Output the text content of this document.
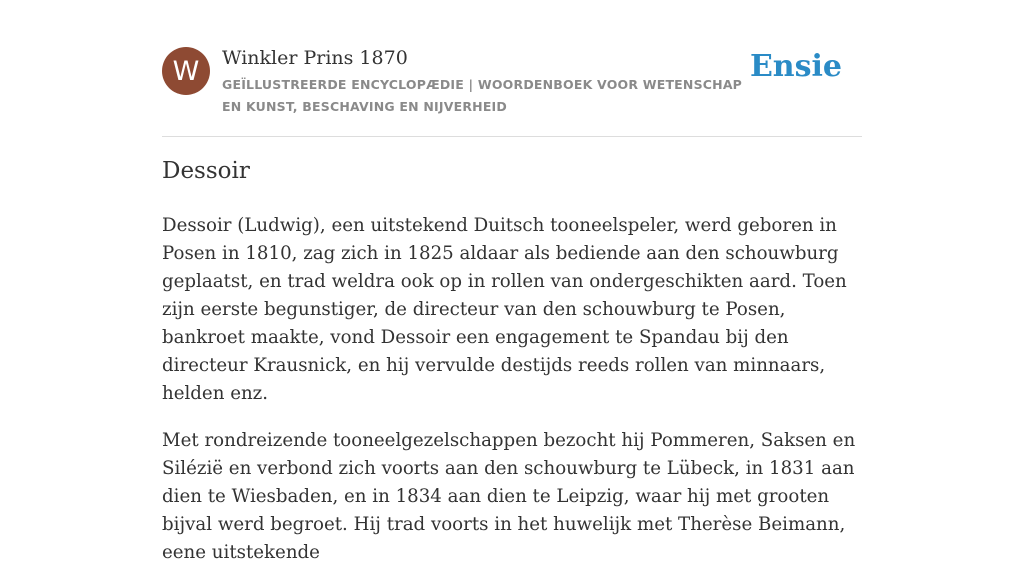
W	Winkler Prins 1870
GEÏLLUSTREERDE ENCYCLOPÆDIE | WOORDENBOEK VOOR WETENSCHAP EN KUNST, BESCHAVING EN NIJVERHEID
Ensie
Dessoir

Dessoir (Ludwig), een uitstekend Duitsch tooneelspeler, werd geboren in Posen in 1810, zag zich in 1825 aldaar als bediende aan den schouwburg geplaatst, en trad weldra ook op in rollen van ondergeschikten aard. Toen zijn eerste begunstiger, de directeur van den schouwburg te Posen, bankroet maakte, vond Dessoir een engagement te Spandau bij den directeur Krausnick, en hij vervulde destijds reeds rollen van minnaars, helden enz.

Met rondreizende tooneelgezelschappen bezocht hij Pommeren, Saksen en Silézië en verbond zich voorts aan den schouwburg te Lübeck, in 1831 aan dien te Wiesbaden, en in 1834 aan dien te Leipzig, waar hij met grooten bijval werd begroet. Hij trad voorts in het huwelijk met Therèse Beimann, eene uitstekende
